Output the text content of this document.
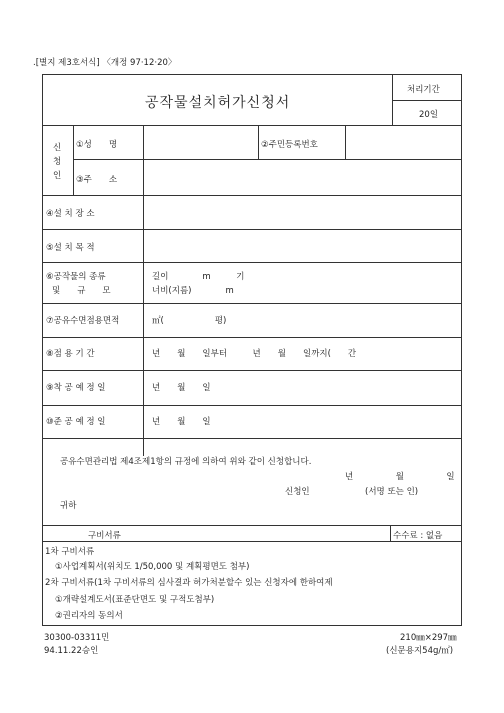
.[별지 제3호서식] 〈개정 97·12·20〉
공작물설치허가신청서
처리기간
20일
신
청
인
①성　　명	②주민등록번호
③주　　소
④설 치 장 소
⑤설 치 목 적
⑥공작물의 종류
및　　규　　모
길이　　　　m　　　기
너비(지름)　　　　m
⑦공유수면점용면적	㎡(　　　　　　평)
⑧점 용 기 간	년　　월　　일부터　　　년　　월　　일까지(　　간
⑨착 공 예 정 일	년　　월　　일
⑩준 공 예 정 일	년　　월　　일
공유수면관리법 제4조제1항의 규정에 의하여 위와 같이 신청합니다.
년　　　　　월　　　　　일
신청인	(서명 또는 인)
귀하
구비서류	수수료 : 없음
1차 구비서류
①사업계획서(위치도 1/50,000 및 계획평면도 첨부)
2차 구비서류(1차 구비서류의 심사결과 허가처분할수 있는 신청자에 한하여제
①개략설계도서(표준단면도 및 구적도첨부)
②권리자의 동의서
30300-03311민
94.11.22승인
210㎜×297㎜
(신문용지54g/㎡)
